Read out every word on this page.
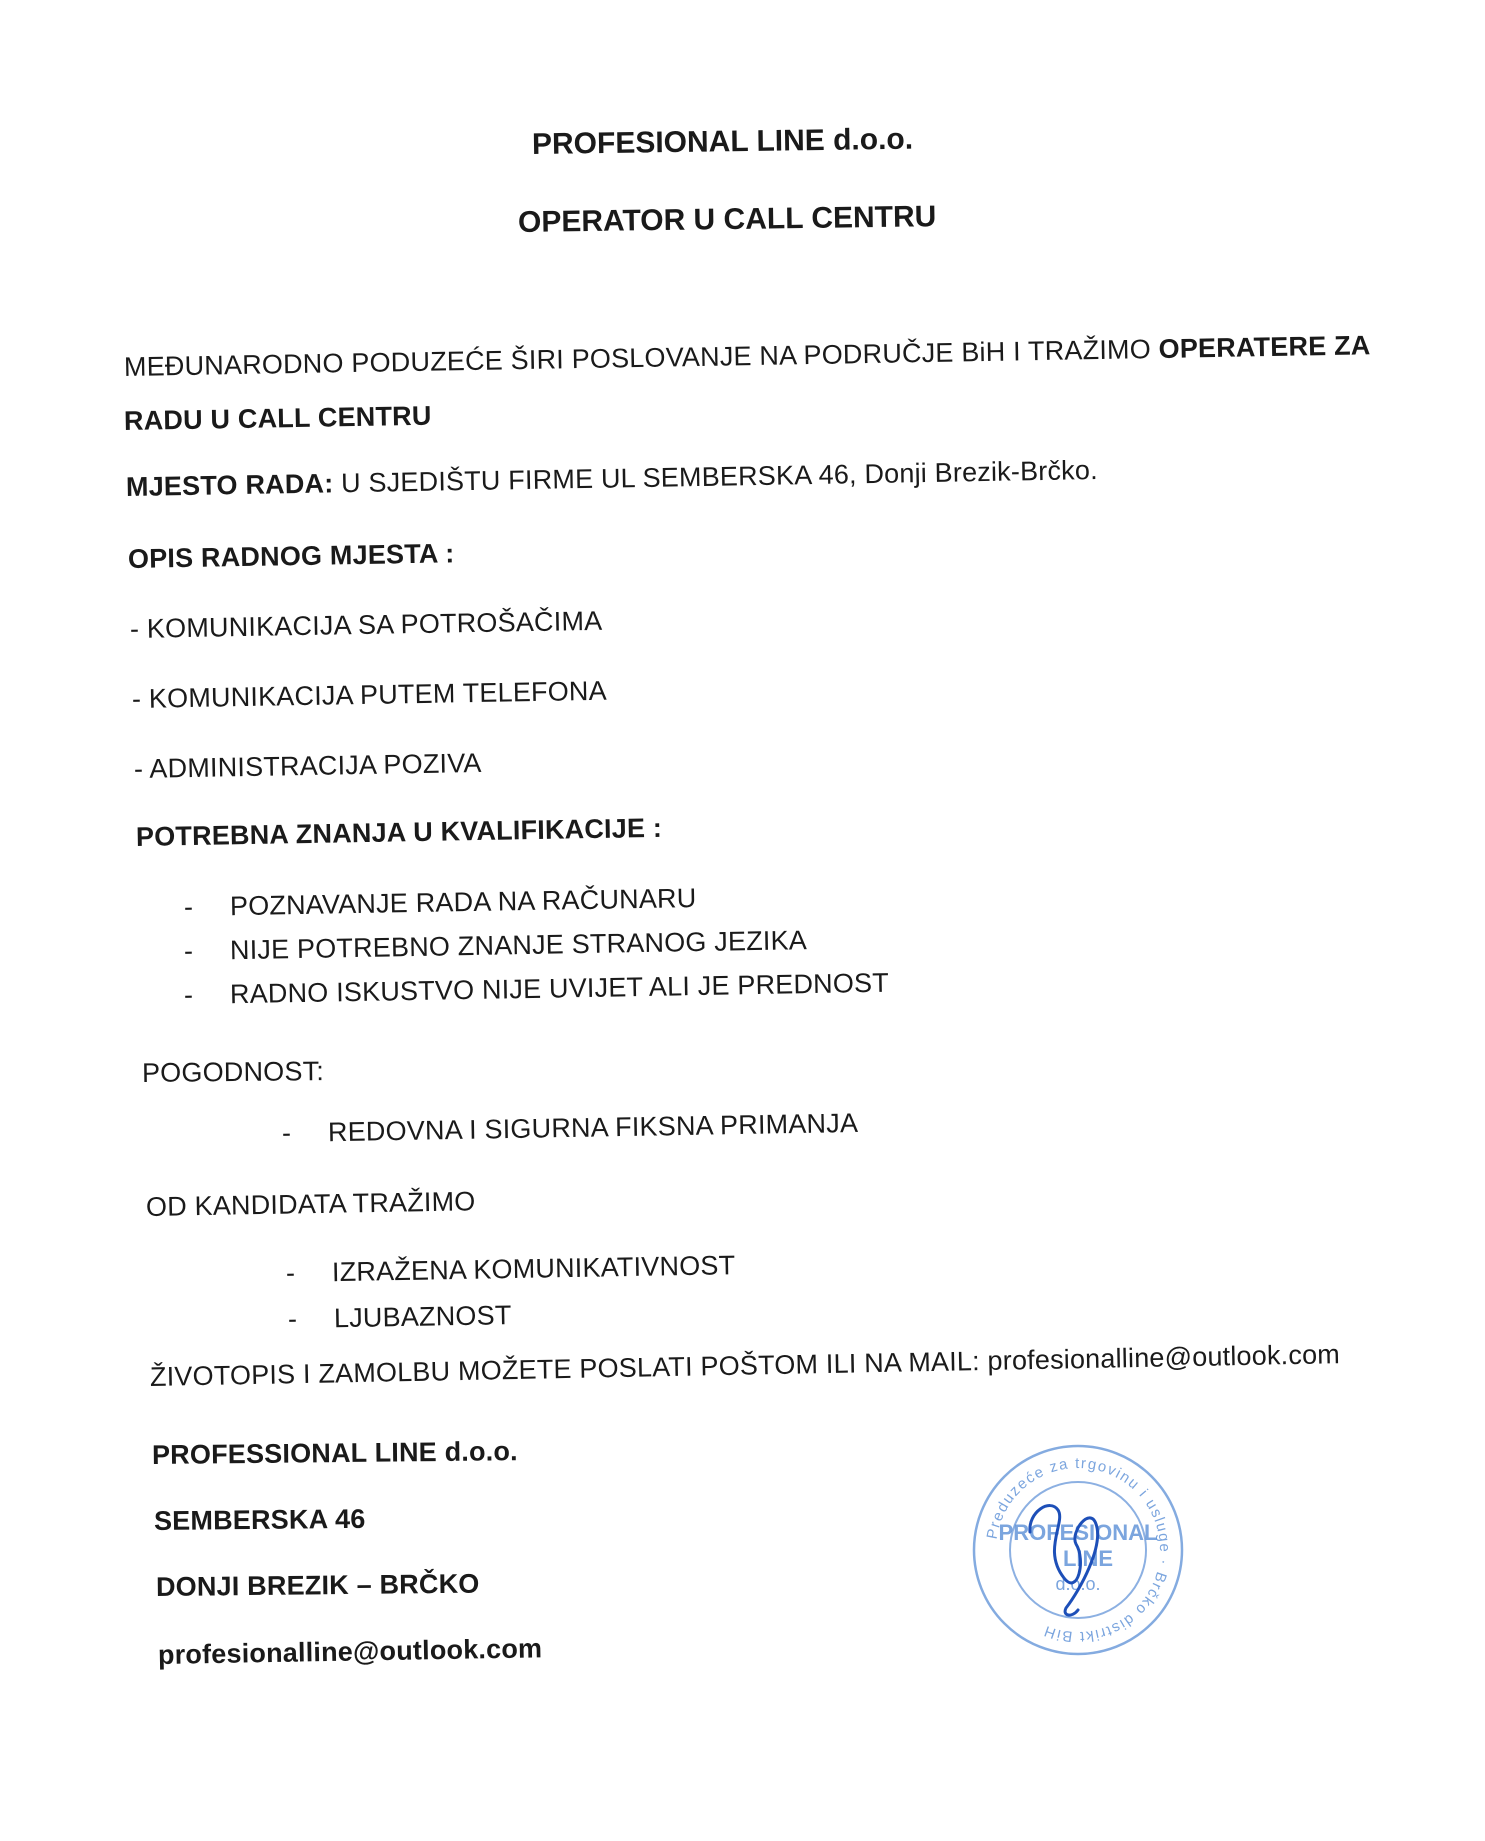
PROFESIONAL LINE d.o.o.
OPERATOR U CALL CENTRU
MEĐUNARODNO PODUZEĆE ŠIRI POSLOVANJE NA PODRUČJE BiH I TRAŽIMO OPERATERE ZA
RADU U CALL CENTRU
MJESTO RADA: U SJEDIŠTU FIRME UL SEMBERSKA 46, Donji Brezik-Brčko.
OPIS RADNOG MJESTA :
- KOMUNIKACIJA SA POTROŠAČIMA
- KOMUNIKACIJA PUTEM TELEFONA
- ADMINISTRACIJA POZIVA
POTREBNA ZNANJA U KVALIFIKACIJE :
- POZNAVANJE RADA NA RAČUNARU
- NIJE POTREBNO ZNANJE STRANOG JEZIKA
- RADNO ISKUSTVO NIJE UVIJET ALI JE PREDNOST
POGODNOST:
- REDOVNA I SIGURNA FIKSNA PRIMANJA
OD KANDIDATA TRAŽIMO
- IZRAŽENA KOMUNIKATIVNOST
- LJUBAZNOST
ŽIVOTOPIS I ZAMOLBU MOŽETE POSLATI POŠTOM ILI NA MAIL: profesionalline@outlook.com
PROFESSIONAL LINE d.o.o.
SEMBERSKA 46
DONJI BREZIK – BRČKO
profesionalline@outlook.com
Preduzeće za trgovinu i usluge · Brčko distrikt BiH
PROFESIONAL
LINE
d.o.o.
